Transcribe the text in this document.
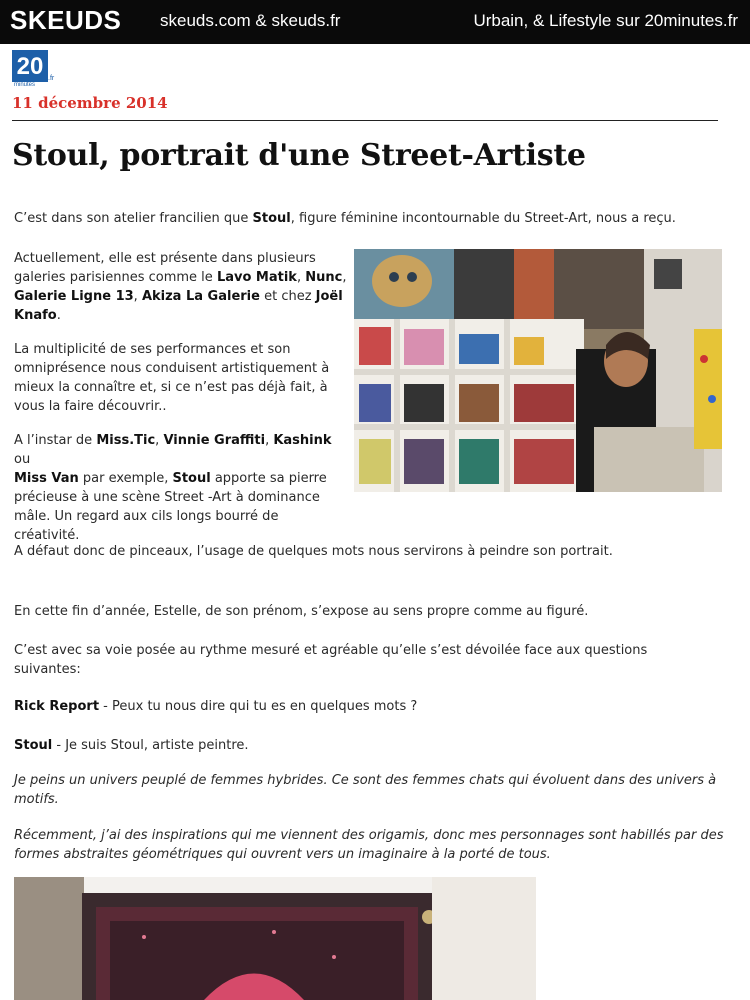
SKEUDS skeuds.com & skeuds.fr	Urbain, & Lifestyle sur 20minutes.fr
20
minutes
.fr
11 décembre 2014
Stoul, portrait d'une Street-Artiste

C’est dans son atelier francilien que Stoul, figure féminine incontournable du Street-Art, nous a reçu.

Actuellement, elle est présente dans plusieurs
galeries parisiennes comme le Lavo Matik, Nunc,
Galerie Ligne 13, Akiza La Galerie et chez Joël
Knafo.

La multiplicité de ses performances et son
omniprésence nous conduisent artistiquement à
mieux la connaître et, si ce n’est pas déjà fait, à
vous la faire découvrir..

A l’instar de Miss.Tic, Vinnie Graffiti, Kashink ou
Miss Van par exemple, Stoul apporte sa pierre
précieuse à une scène Street -Art à dominance
mâle. Un regard aux cils longs bourré de
créativité.

A défaut donc de pinceaux, l’usage de quelques mots nous servirons à peindre son portrait.

En cette fin d’année, Estelle, de son prénom, s’expose au sens propre comme au figuré.

C’est avec sa voie posée au rythme mesuré et agréable qu’elle s’est dévoilée face aux questions
suivantes:

Rick Report - Peux tu nous dire qui tu es en quelques mots ?

Stoul - Je suis Stoul, artiste peintre.

Je peins un univers peuplé de femmes hybrides. Ce sont des femmes chats qui évoluent dans des univers à
motifs.

Récemment, j’ai des inspirations qui me viennent des origamis, donc mes personnages sont habillés par des
formes abstraites géométriques qui ouvrent vers un imaginaire à la porté de tous.
